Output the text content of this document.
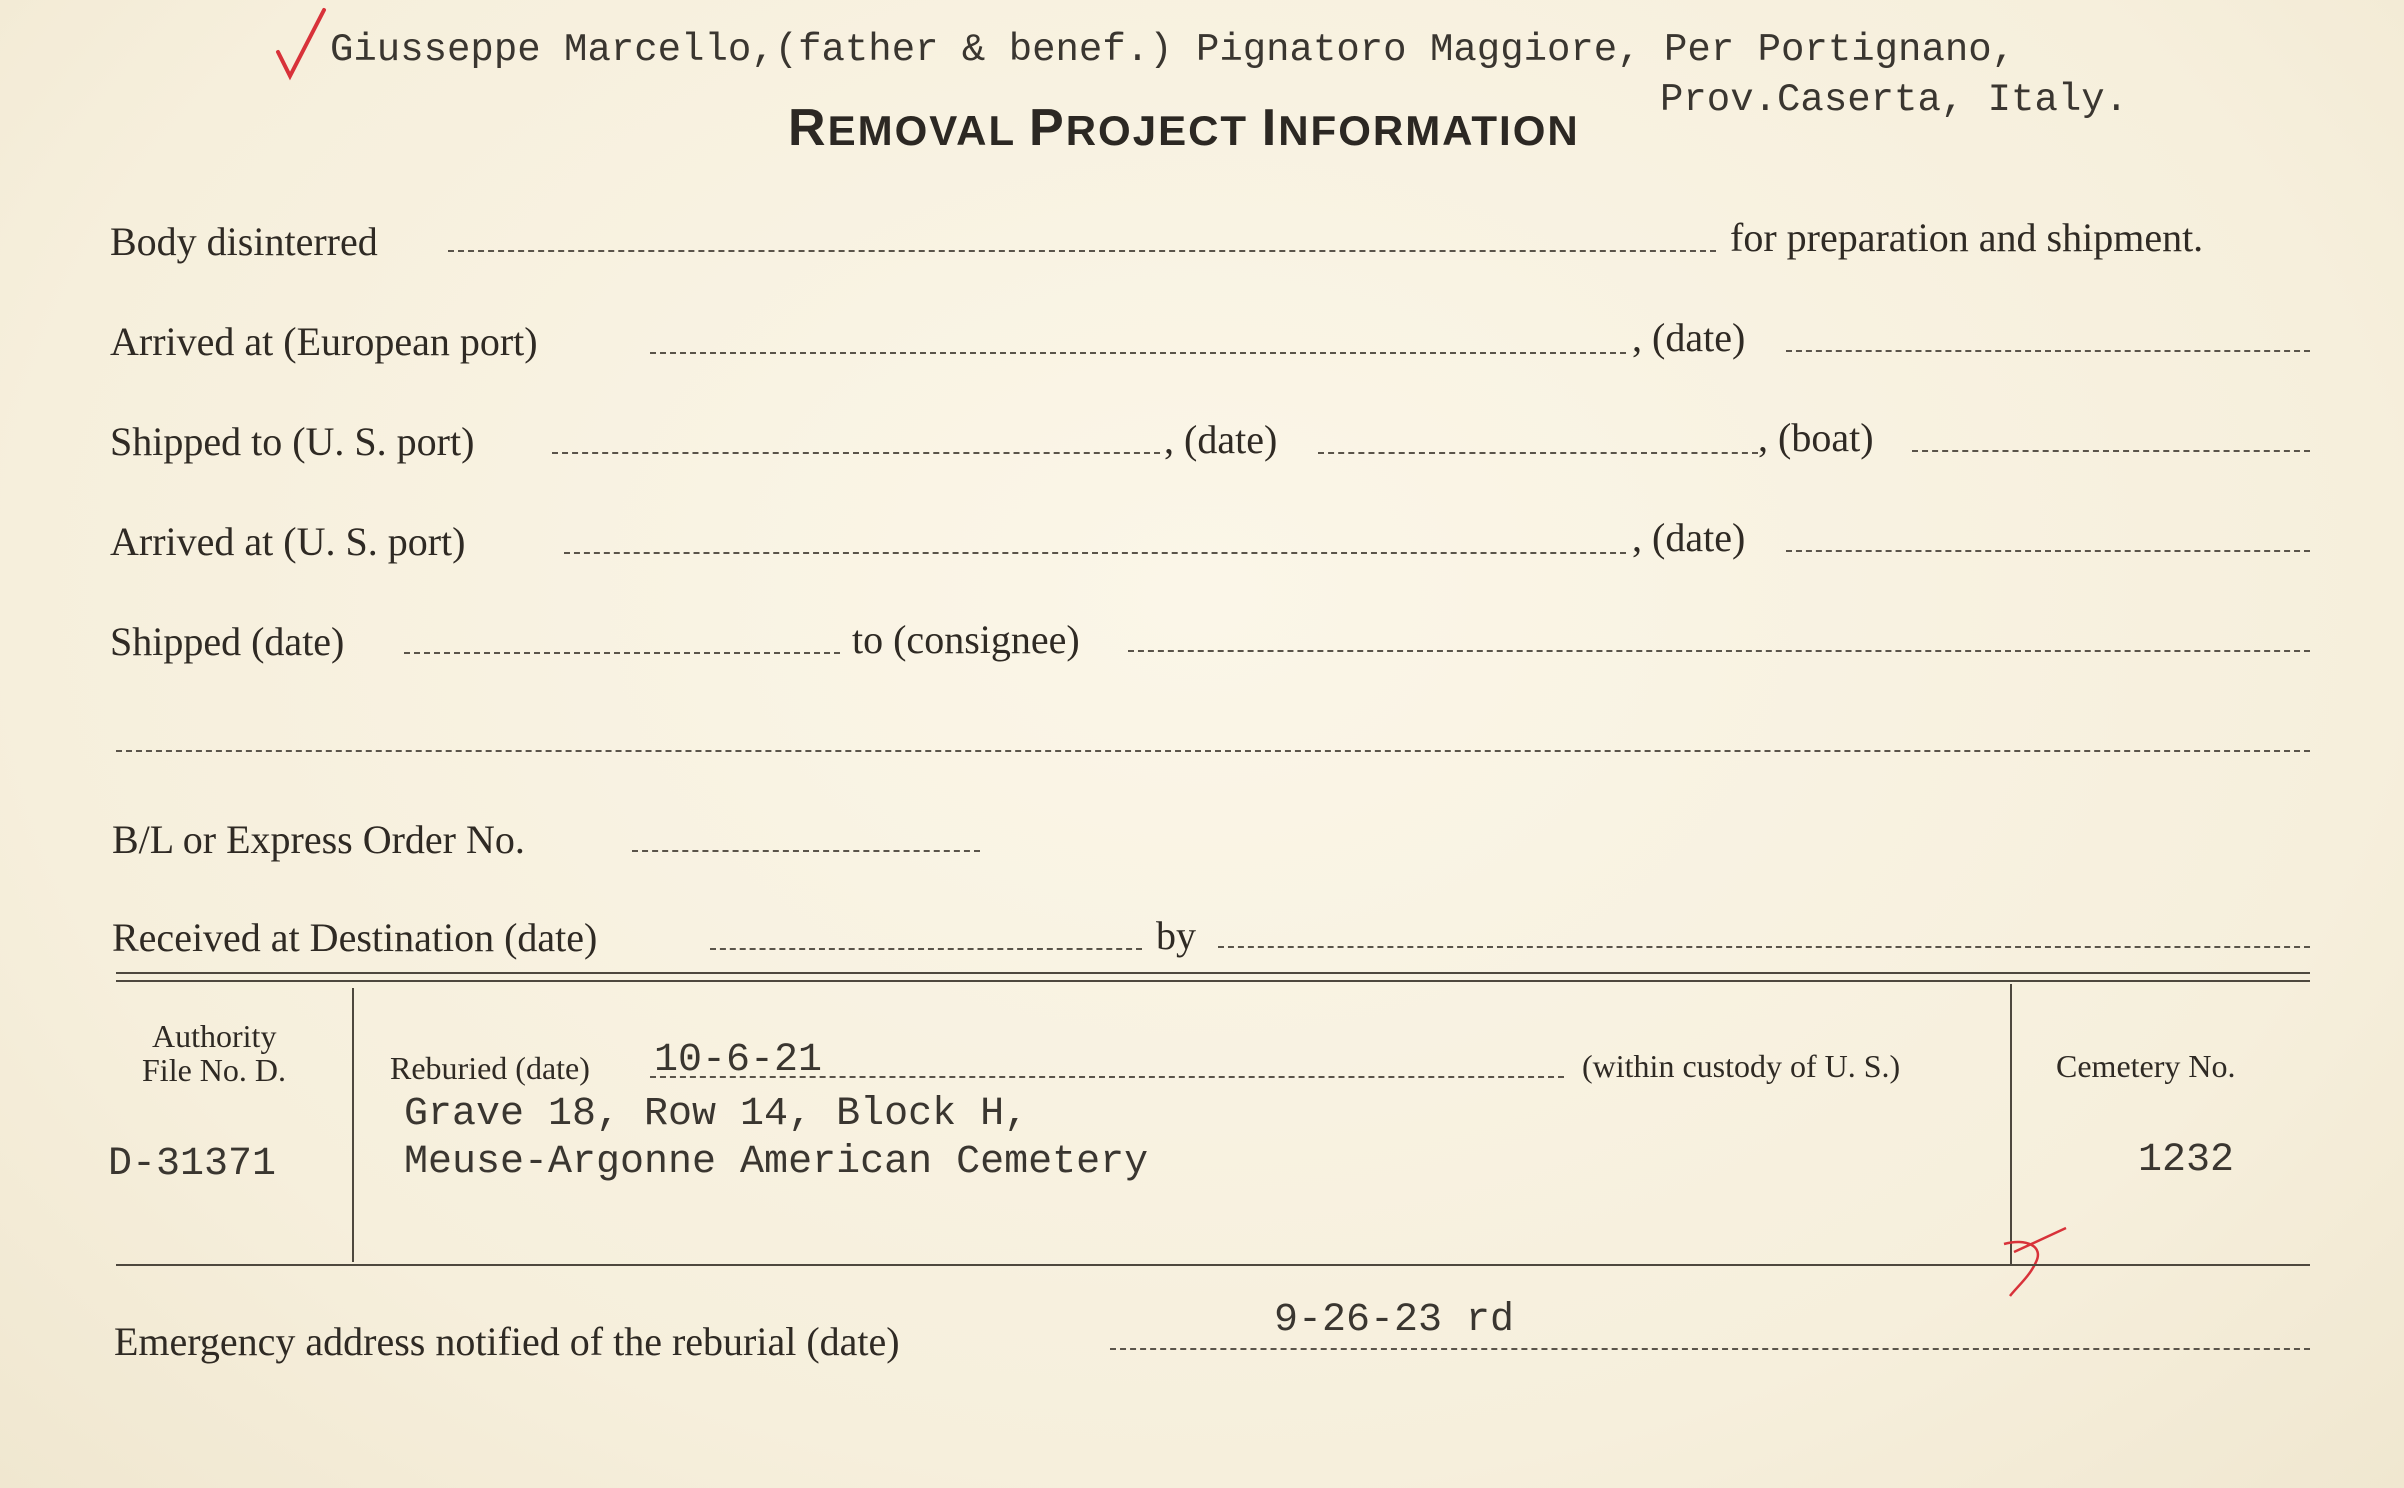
Giusseppe Marcello,(father & benef.) Pignatoro Maggiore, Per Portignano,
Prov.Caserta, Italy.
REMOVAL PROJECT INFORMATION
Body disinterred	for preparation and shipment.
Arrived at (European port)	, (date)
Shipped to (U. S. port)	, (date)	, (boat)
Arrived at (U. S. port)	, (date)
Shipped (date)	to (consignee)
B/L or Express Order No.
Received at Destination (date)	by
Authority
File No. D.
D-31371
Reburied (date) 10-6-21	(within custody of U. S.)
Grave 18, Row 14, Block H,
Meuse-Argonne American Cemetery
Cemetery No.
1232
Emergency address notified of the reburial (date)	9-26-23 rd
